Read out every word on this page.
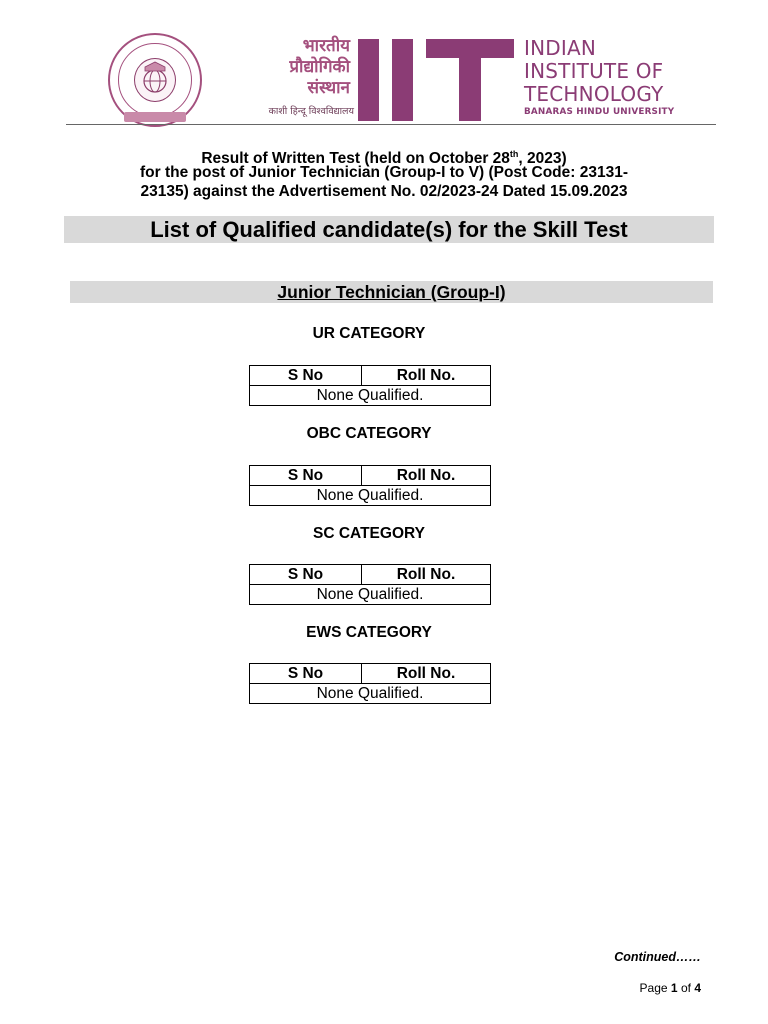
भारतीय
प्रौद्योगिकी
संस्थान
काशी हिन्दू विश्वविद्यालय
INDIAN
INSTITUTE OF
TECHNOLOGY
BANARAS HINDU UNIVERSITY
Result of Written Test (held on October 28th, 2023)
for the post of Junior Technician (Group-I to V) (Post Code: 23131-
23135) against the Advertisement No. 02/2023-24 Dated 15.09.2023
List of Qualified candidate(s) for the Skill Test
Junior Technician (Group-I)
UR CATEGORY
S No	Roll No.
None Qualified.
OBC CATEGORY
S No	Roll No.
None Qualified.
SC CATEGORY
S No	Roll No.
None Qualified.
EWS CATEGORY
S No	Roll No.
None Qualified.
Continued……
Page 1 of 4
